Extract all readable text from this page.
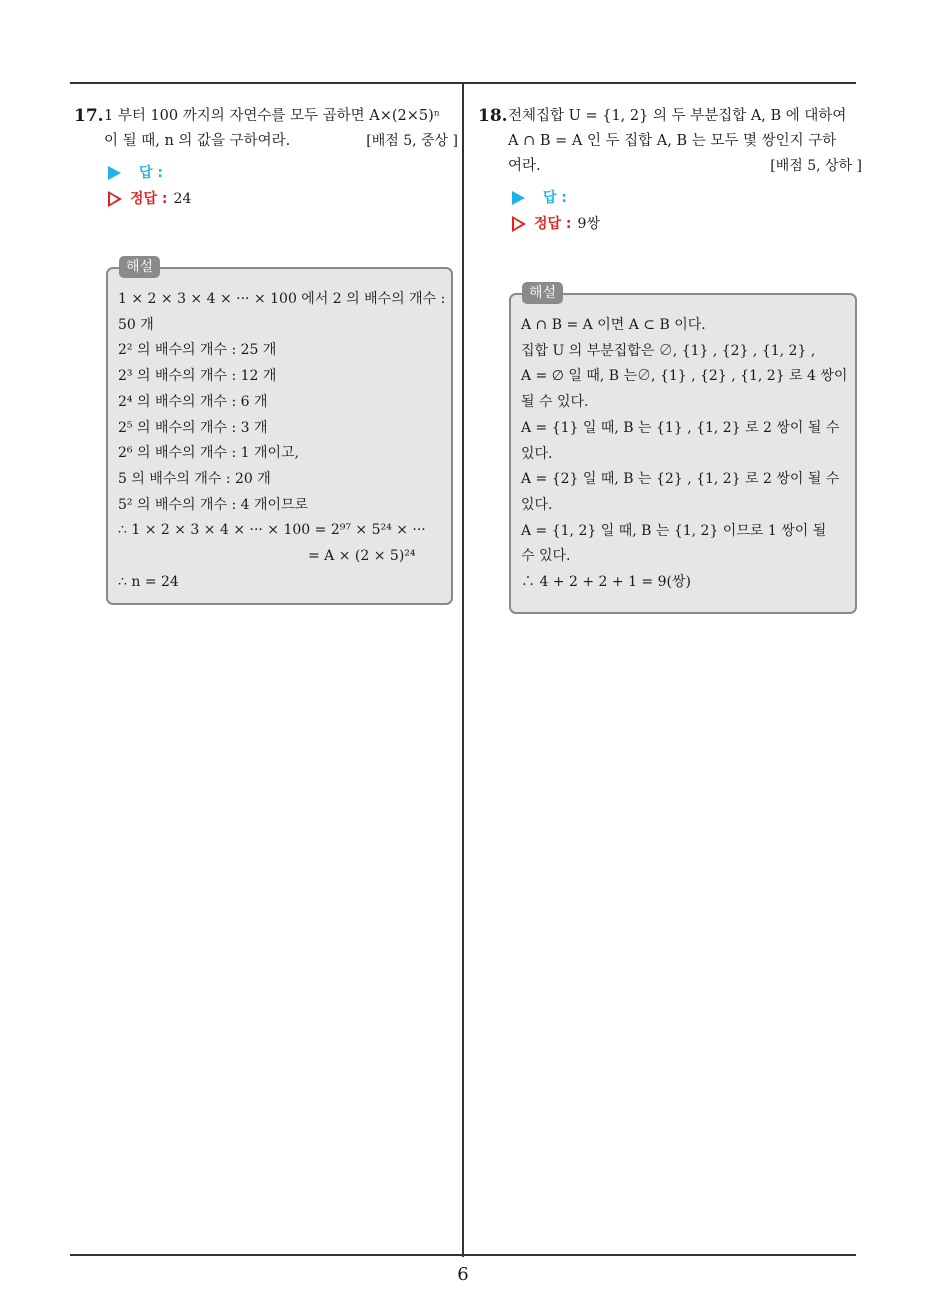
6
17. 1 부터 100 까지의 자연수를 모두 곱하면 A×(2×5)ⁿ
이 될 때, n 의 값을 구하여라.	[배점 5, 중상 ]
답 :
정답 : 24
해설
1 × 2 × 3 × 4 × ··· × 100 에서 2 의 배수의 개수 :
50 개
2² 의 배수의 개수 : 25 개
2³ 의 배수의 개수 : 12 개
2⁴ 의 배수의 개수 : 6 개
2⁵ 의 배수의 개수 : 3 개
2⁶ 의 배수의 개수 : 1 개이고,
5 의 배수의 개수 : 20 개
5² 의 배수의 개수 : 4 개이므로
∴ 1 × 2 × 3 × 4 × ··· × 100 = 2⁹⁷ × 5²⁴ × ···
= A × (2 × 5)²⁴
∴ n = 24
18. 전체집합 U = {1, 2} 의 두 부분집합 A, B 에 대하여
A ∩ B = A 인 두 집합 A, B 는 모두 몇 쌍인지 구하
여라.	[배점 5, 상하 ]
답 :
정답 : 9쌍
해설
A ∩ B = A 이면 A ⊂ B 이다.
집합 U 의 부분집합은 ∅, {1} , {2} , {1, 2} ,
A = ∅ 일 때, B 는∅, {1} , {2} , {1, 2} 로 4 쌍이
될 수 있다.
A = {1} 일 때, B 는 {1} , {1, 2} 로 2 쌍이 될 수
있다.
A = {2} 일 때, B 는 {2} , {1, 2} 로 2 쌍이 될 수
있다.
A = {1, 2} 일 때, B 는 {1, 2} 이므로 1 쌍이 될
수 있다.
∴ 4 + 2 + 2 + 1 = 9(쌍)
